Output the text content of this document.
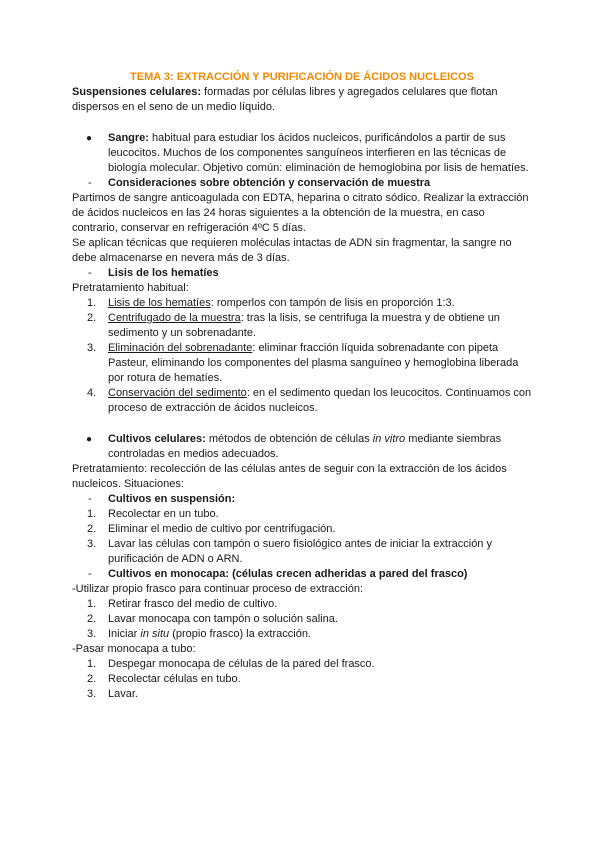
TEMA 3: EXTRACCIÓN Y PURIFICACIÓN DE ÁCIDOS NUCLEICOS

Suspensiones celulares: formadas por células libres y agregados celulares que flotan dispersos en el seno de un medio líquido.

● Sangre: habitual para estudiar los ácidos nucleicos, purificándolos a partir de sus leucocitos. Muchos de los componentes sanguíneos interfieren en las técnicas de biología molecular. Objetivo común: eliminación de hemoglobina por lisis de hematíes.
- Consideraciones sobre obtención y conservación de muestra

Partimos de sangre anticoagulada con EDTA, heparina o citrato sódico. Realizar la extracción de ácidos nucleicos en las 24 horas siguientes a la obtención de la muestra, en caso contrario, conservar en refrigeración 4ºC 5 días.

Se aplican técnicas que requieren moléculas intactas de ADN sin fragmentar, la sangre no debe almacenarse en nevera más de 3 días.

- Lisis de los hematíes

Pretratamiento habitual:

1. Lisis de los hematíes: romperlos con tampón de lisis en proporción 1:3.
2. Centrifugado de la muestra: tras la lisis, se centrifuga la muestra y de obtiene un sedimento y un sobrenadante.
3. Eliminación del sobrenadante: eliminar fracción líquida sobrenadante con pipeta Pasteur, eliminando los componentes del plasma sanguíneo y hemoglobina liberada por rotura de hematíes.
4. Conservación del sedimento: en el sedimento quedan los leucocitos. Continuamos con proceso de extracción de ácidos nucleicos.
● Cultivos celulares: métodos de obtención de células in vitro mediante siembras controladas en medios adecuados.

Pretratamiento: recolección de las células antes de seguir con la extracción de los ácidos nucleicos. Situaciones:

- Cultivos en suspensión:
1. Recolectar en un tubo.
2. Eliminar el medio de cultivo por centrifugación.
3. Lavar las células con tampón o suero fisiológico antes de iniciar la extracción y purificación de ADN o ARN.
- Cultivos en monocapa: (células crecen adheridas a pared del frasco)

-Utilizar propio frasco para continuar proceso de extracción:

1. Retirar frasco del medio de cultivo.
2. Lavar monocapa con tampón o solución salina.
3. Iniciar in situ (propio frasco) la extracción.

-Pasar monocapa a tubo:

1. Despegar monocapa de células de la pared del frasco.
2. Recolectar células en tubo.
3. Lavar.
